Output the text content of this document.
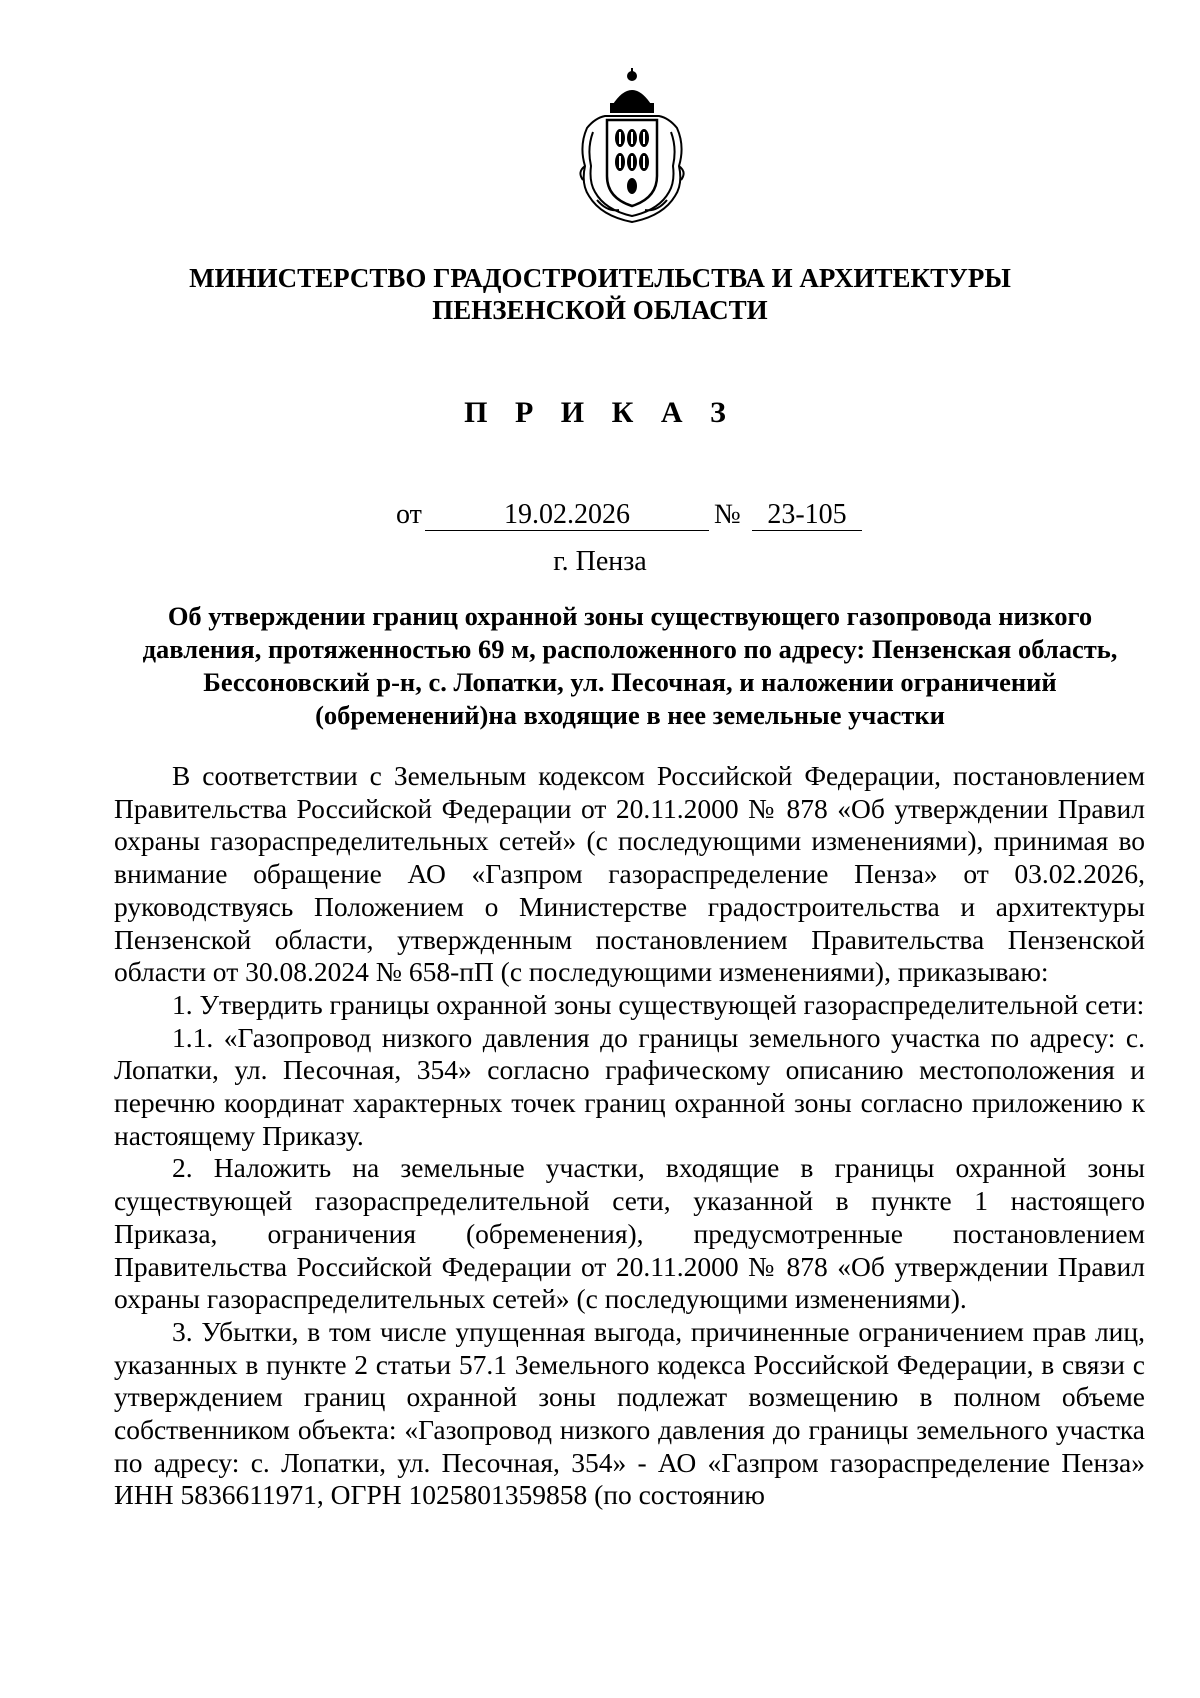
МИНИСТЕРСТВО ГРАДОСТРОИТЕЛЬСТВА И АРХИТЕКТУРЫ
ПЕНЗЕНСКОЙ ОБЛАСТИ
П Р И К А З
от	19.02.2026	№ 23-105
г. Пенза
Об утверждении границ охранной зоны существующего газопровода низкого давления, протяженностью 69 м, расположенного по адресу: Пензенская область, Бессоновский р-н, с. Лопатки, ул. Песочная, и наложении ограничений (обременений)на входящие в нее земельные участки

В соответствии с Земельным кодексом Российской Федерации, постановлением Правительства Российской Федерации от 20.11.2000 № 878 «Об утверждении Правил охраны газораспределительных сетей» (с последующими изменениями), принимая во внимание обращение АО «Газпром газораспределение Пенза» от 03.02.2026, руководствуясь Положением о Министерстве градостроительства и архитектуры Пензенской области, утвержденным постановлением Правительства Пензенской области от 30.08.2024 № 658-пП (с последующими изменениями), приказываю:

1. Утвердить границы охранной зоны существующей газораспределительной сети:

1.1. «Газопровод низкого давления до границы земельного участка по адресу: с. Лопатки, ул. Песочная, 354» согласно графическому описанию местоположения и перечню координат характерных точек границ охранной зоны согласно приложению к настоящему Приказу.

2. Наложить на земельные участки, входящие в границы охранной зоны существующей газораспределительной сети, указанной в пункте 1 настоящего Приказа, ограничения (обременения), предусмотренные постановлением Правительства Российской Федерации от 20.11.2000 № 878 «Об утверждении Правил охраны газораспределительных сетей» (с последующими изменениями).

3. Убытки, в том числе упущенная выгода, причиненные ограничением прав лиц, указанных в пункте 2 статьи 57.1 Земельного кодекса Российской Федерации, в связи с утверждением границ охранной зоны подлежат возмещению в полном объеме собственником объекта: «Газопровод низкого давления до границы земельного участка по адресу: с. Лопатки, ул. Песочная, 354» - АО «Газпром газораспределение Пенза» ИНН 5836611971, ОГРН 1025801359858 (по состоянию
